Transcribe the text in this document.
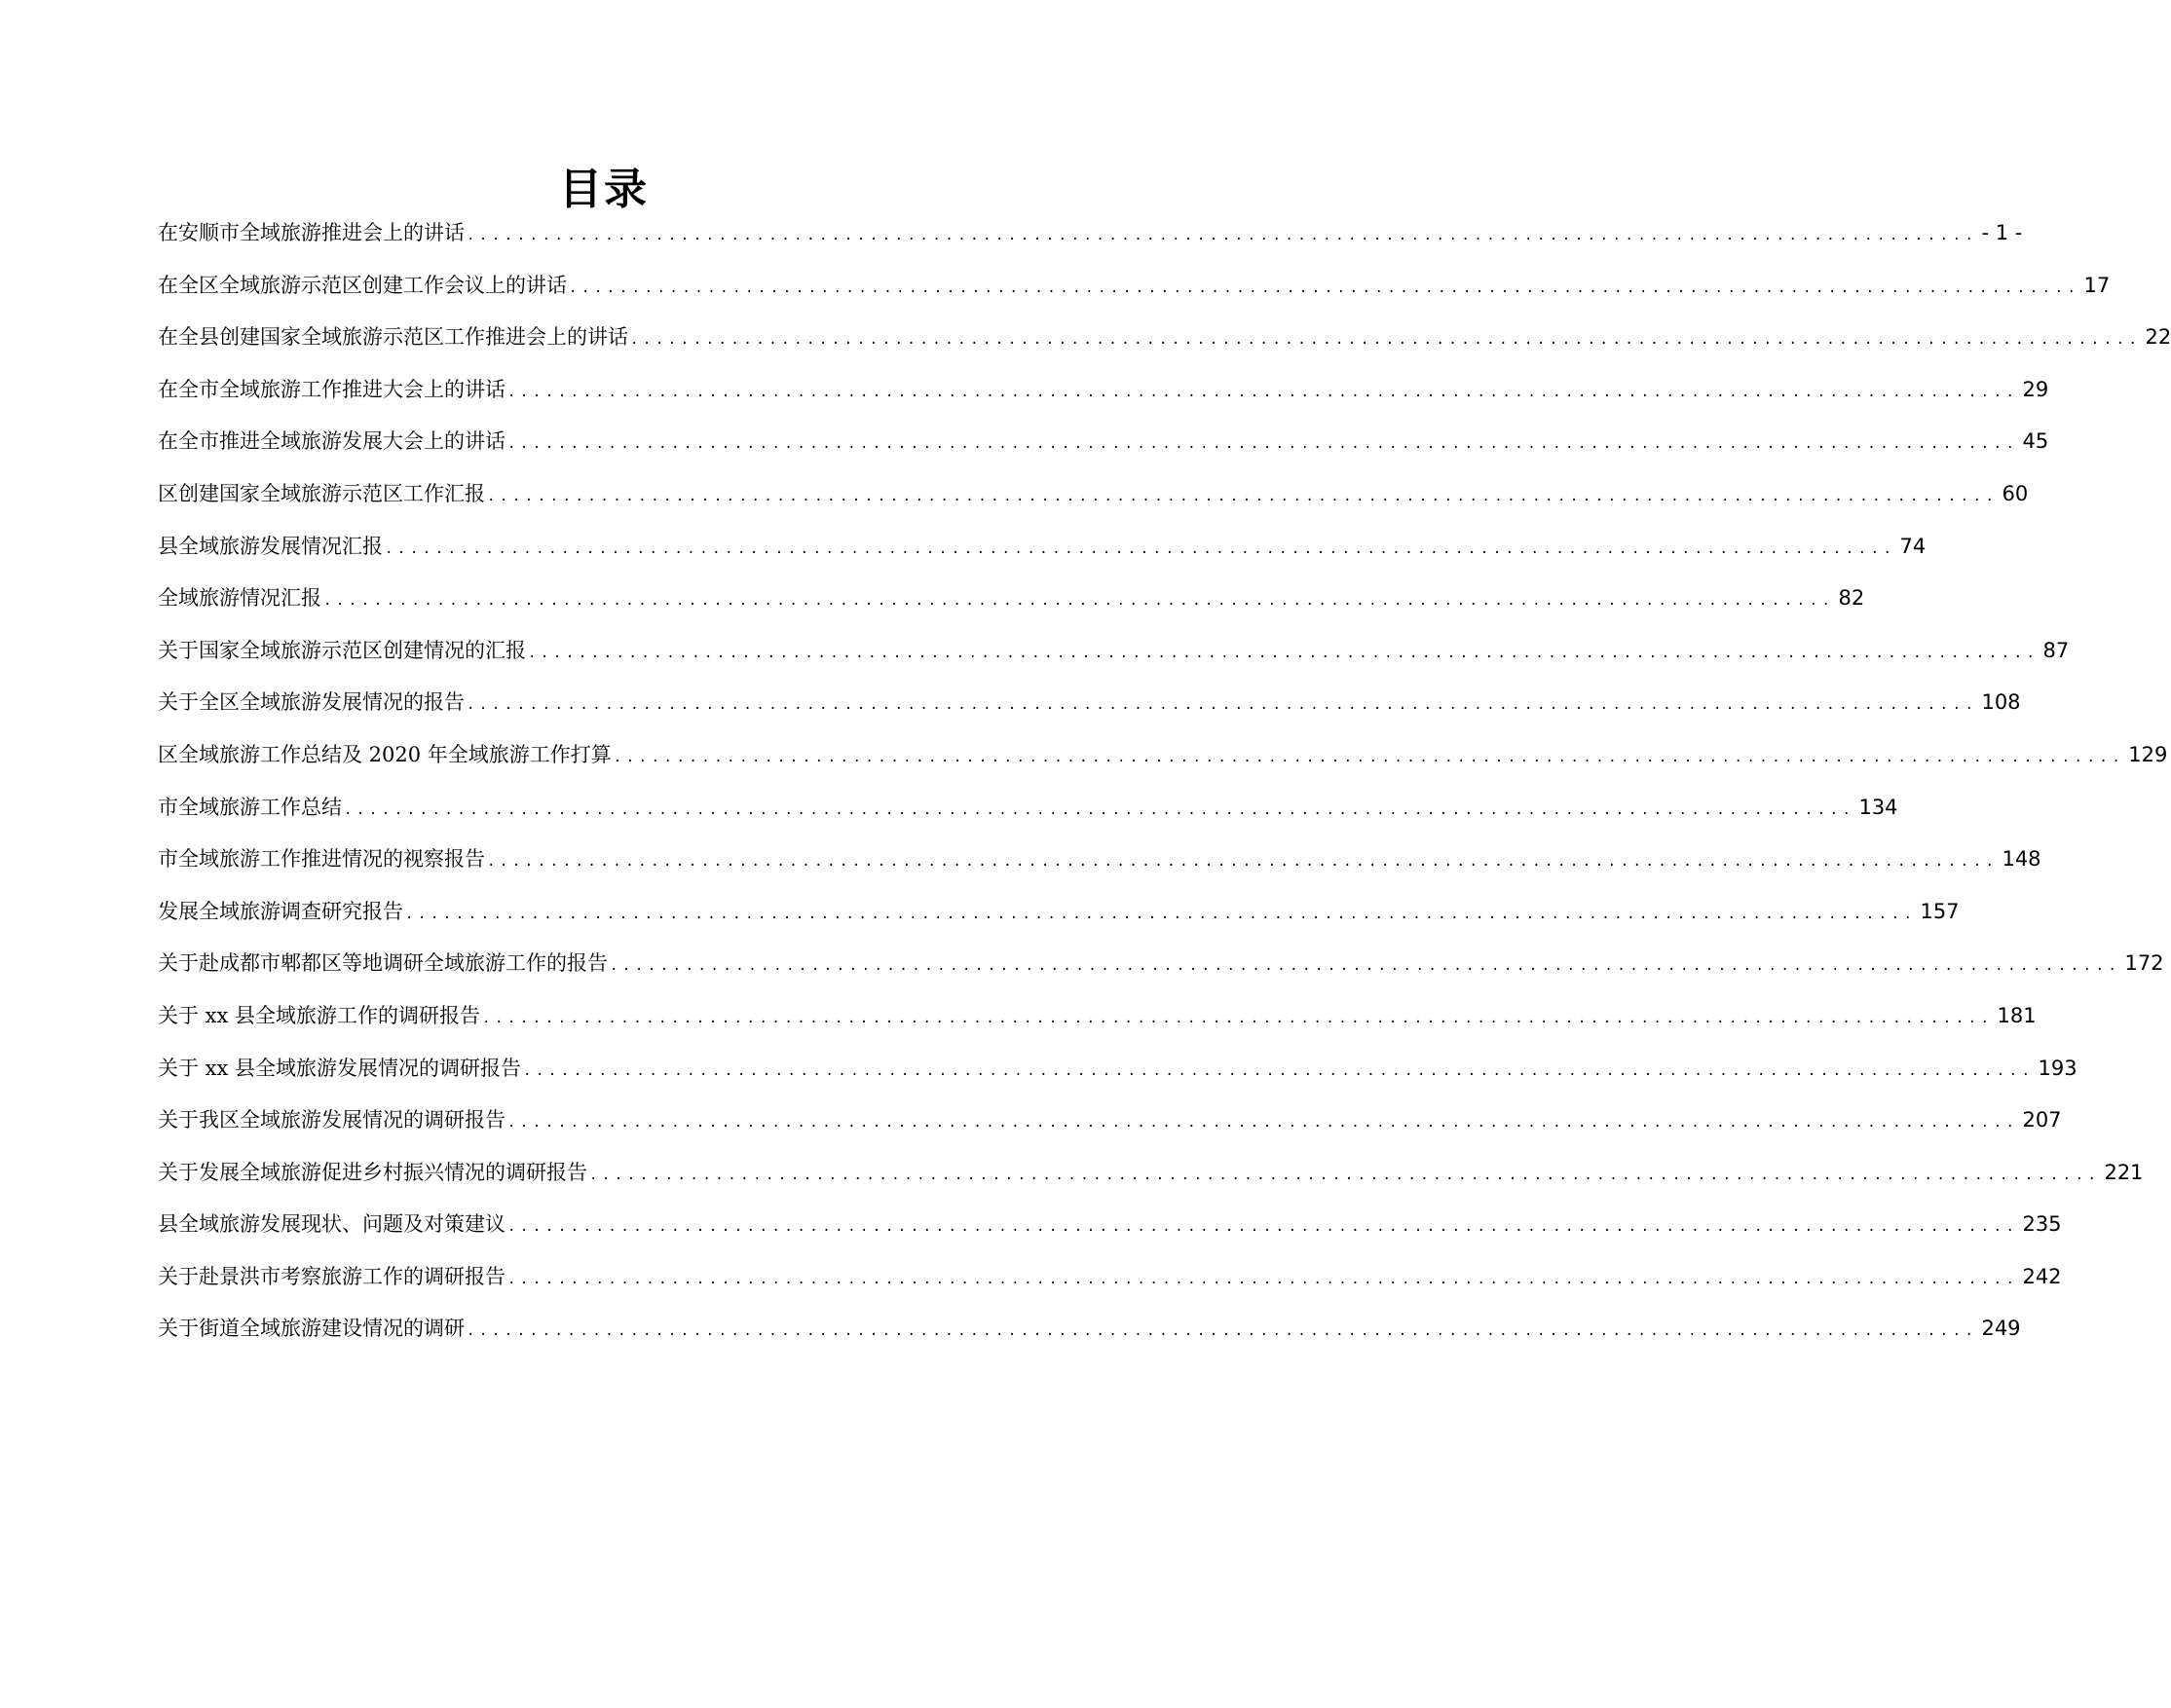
目录
在安顺市全域旅游推进会上的讲话 ........................................................................................................................ - 1 -
在全区全域旅游示范区创建工作会议上的讲话 ........................................................................................................................ 17
在全县创建国家全域旅游示范区工作推进会上的讲话 ........................................................................................................................ 22
在全市全域旅游工作推进大会上的讲话 ........................................................................................................................ 29
在全市推进全域旅游发展大会上的讲话 ........................................................................................................................ 45
区创建国家全域旅游示范区工作汇报 ........................................................................................................................ 60
县全域旅游发展情况汇报 ........................................................................................................................ 74
全域旅游情况汇报 ........................................................................................................................ 82
关于国家全域旅游示范区创建情况的汇报 ........................................................................................................................ 87
关于全区全域旅游发展情况的报告 ........................................................................................................................ 108
区全域旅游工作总结及 2020 年全域旅游工作打算 ........................................................................................................................ 129
市全域旅游工作总结 ........................................................................................................................ 134
市全域旅游工作推进情况的视察报告 ........................................................................................................................ 148
发展全域旅游调查研究报告 ........................................................................................................................ 157
关于赴成都市郫都区等地调研全域旅游工作的报告 ........................................................................................................................ 172
关于 xx 县全域旅游工作的调研报告 ........................................................................................................................ 181
关于 xx 县全域旅游发展情况的调研报告 ........................................................................................................................ 193
关于我区全域旅游发展情况的调研报告 ........................................................................................................................ 207
关于发展全域旅游促进乡村振兴情况的调研报告 ........................................................................................................................ 221
县全域旅游发展现状、问题及对策建议 ........................................................................................................................ 235
关于赴景洪市考察旅游工作的调研报告 ........................................................................................................................ 242
关于街道全域旅游建设情况的调研 ........................................................................................................................ 249
